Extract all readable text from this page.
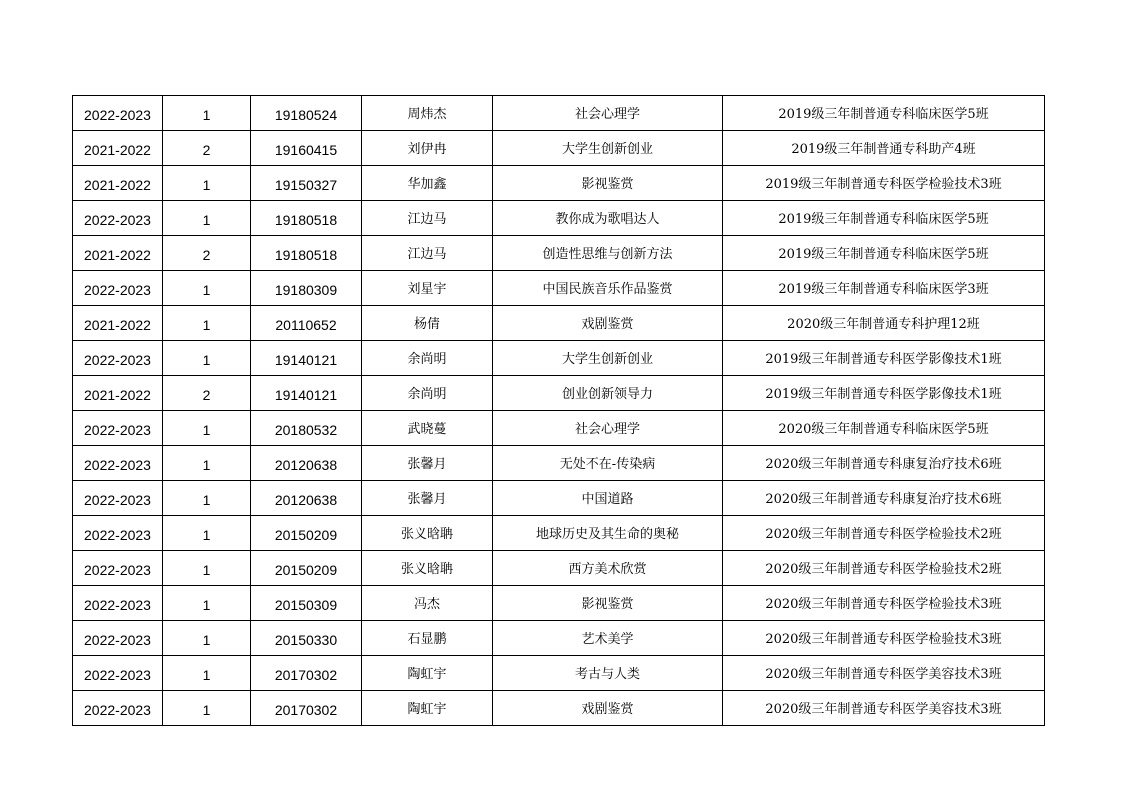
2022-2023	1	19180524	周炜杰	社会心理学	2019级三年制普通专科临床医学5班
2021-2022	2	19160415	刘伊冉	大学生创新创业	2019级三年制普通专科助产4班
2021-2022	1	19150327	华加鑫	影视鉴赏	2019级三年制普通专科医学检验技术3班
2022-2023	1	19180518	江边马	教你成为歌唱达人	2019级三年制普通专科临床医学5班
2021-2022	2	19180518	江边马	创造性思维与创新方法	2019级三年制普通专科临床医学5班
2022-2023	1	19180309	刘星宇	中国民族音乐作品鉴赏	2019级三年制普通专科临床医学3班
2021-2022	1	20110652	杨倩	戏剧鉴赏	2020级三年制普通专科护理12班
2022-2023	1	19140121	余尚明	大学生创新创业	2019级三年制普通专科医学影像技术1班
2021-2022	2	19140121	余尚明	创业创新领导力	2019级三年制普通专科医学影像技术1班
2022-2023	1	20180532	武晓蔓	社会心理学	2020级三年制普通专科临床医学5班
2022-2023	1	20120638	张馨月	无处不在-传染病	2020级三年制普通专科康复治疗技术6班
2022-2023	1	20120638	张馨月	中国道路	2020级三年制普通专科康复治疗技术6班
2022-2023	1	20150209	张义晗聃	地球历史及其生命的奥秘	2020级三年制普通专科医学检验技术2班
2022-2023	1	20150209	张义晗聃	西方美术欣赏	2020级三年制普通专科医学检验技术2班
2022-2023	1	20150309	冯杰	影视鉴赏	2020级三年制普通专科医学检验技术3班
2022-2023	1	20150330	石显鹏	艺术美学	2020级三年制普通专科医学检验技术3班
2022-2023	1	20170302	陶虹宇	考古与人类	2020级三年制普通专科医学美容技术3班
2022-2023	1	20170302	陶虹宇	戏剧鉴赏	2020级三年制普通专科医学美容技术3班
